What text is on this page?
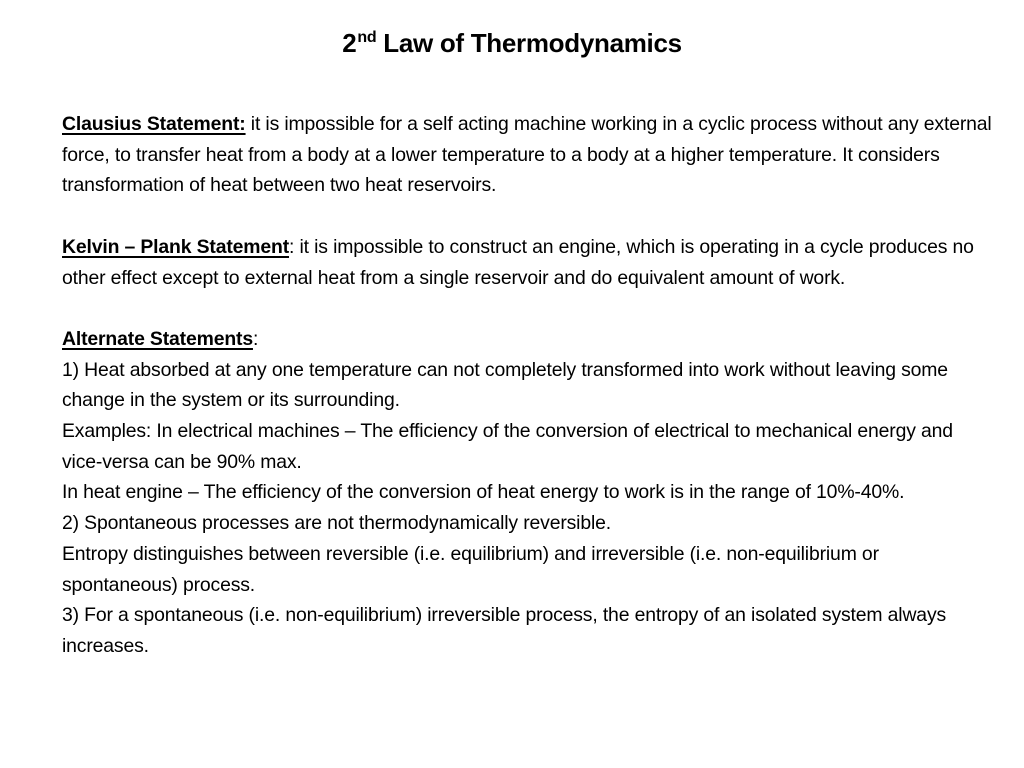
2nd Law of Thermodynamics

Clausius Statement: it is impossible for a self acting machine working in a cyclic process without any external force, to transfer heat from a body at a lower temperature to a body at a higher temperature. It considers transformation of heat between two heat reservoirs.

Kelvin – Plank Statement: it is impossible to construct an engine, which is operating in a cycle produces no other effect except to external heat from a single reservoir and do equivalent amount of work.

Alternate Statements:

1) Heat absorbed at any one temperature can not completely transformed into work without leaving some change in the system or its surrounding.

Examples: In electrical machines – The efficiency of the conversion of electrical to mechanical energy and vice-versa can be 90% max.

In heat engine – The efficiency of the conversion of heat energy to work is in the range of 10%-40%.

2) Spontaneous processes are not thermodynamically reversible.

Entropy distinguishes between reversible (i.e. equilibrium) and irreversible (i.e. non-equilibrium or spontaneous) process.

3) For a spontaneous (i.e. non-equilibrium) irreversible process, the entropy of an isolated system always increases.
